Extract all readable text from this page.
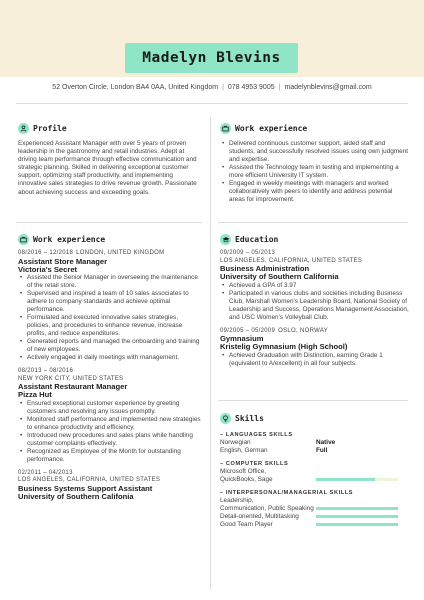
Madelyn Blevins
52 Overton Circle, London BA4 0AA, United Kingdom | 078 4953 9005 | madelynblevins@gmail.com
Profile

Experienced Assistant Manager with over 5 years of proven leadership in the gastronomy and retail industries. Adept at driving team performance through effective communication and strategic planning. Skilled in delivering exceptional customer support, optimizing staff productivity, and implementing innovative sales strategies to drive revenue growth. Passionate about achieving success and exceeding goals.

Work experience
08/2016 – 12/2018 LONDON, UNITED KINGDOM
Assistant Store Manager
Victoria's Secret
• Assisted the Senior Manager in overseeing the maintenance of the retail store.
• Supervised and inspired a team of 10 sales associates to adhere to company standards and achieve optimal performance.
• Formulated and executed innovative sales strategies, policies, and procedures to enhance revenue, increase profits, and reduce expenditures.
• Generated reports and managed the onboarding and training of new employees.
• Actively engaged in daily meetings with management.
08/2013 – 08/2016
NEW YORK CITY, UNITED STATES
Assistant Restaurant Manager
Pizza Hut
• Ensured exceptional customer experience by greeting customers and resolving any issues promptly.
• Monitored staff performance and implemented new strategies to enhance productivity and efficiency.
• Introduced new procedures and sales plans while handling customer complaints effectively.
• Recognized as Employee of the Month for outstanding performance.
02/2011 – 04/2013
LOS ANGELES, CALIFORNIA, UNITED STATES
Business Systems Support Assistant
University of Southern Califonia
Work experience
• Delivered continuous customer support, aided staff and students, and successfully resolved issues using own judgment and expertise.
• Assisted the Technology team in testing and implementing a more efficient University IT system.
• Engaged in weekly meetings with managers and worked collaboratively with peers to identify and address potential areas for improvement.
Education
09/2009 – 05/2013
LOS ANGELES, CALIFORNIA, UNITED STATES
Business Administration
University of Southern California
• Achieved a GPA of 3.97
• Participated in various clubs and societies including Business Club, Marshall Women's Leadership Board, National Society of Leadership and Success, Operations Management Association, and USC Women's Volleyball Club.
09/2005 – 05/2009 OSLO, NORWAY
Gymnasium
Kristelig Gymnasium (High School)
• Achieved Graduation with Distinction, earning Grade 1 (equivalent to A/excellent) in all four subjects.
Skills
– LANGUAGES SKILLS
Norwegian	Native
English, German	Full
– COMPUTER SKILLS
Microsoft Office,
QuickBooks, Sage
– INTERPERSONAL/MANAGERIAL SKILLS
Leadership,
Communication, Public Speaking
Detail-oriented, Multitasking
Good Team Player
